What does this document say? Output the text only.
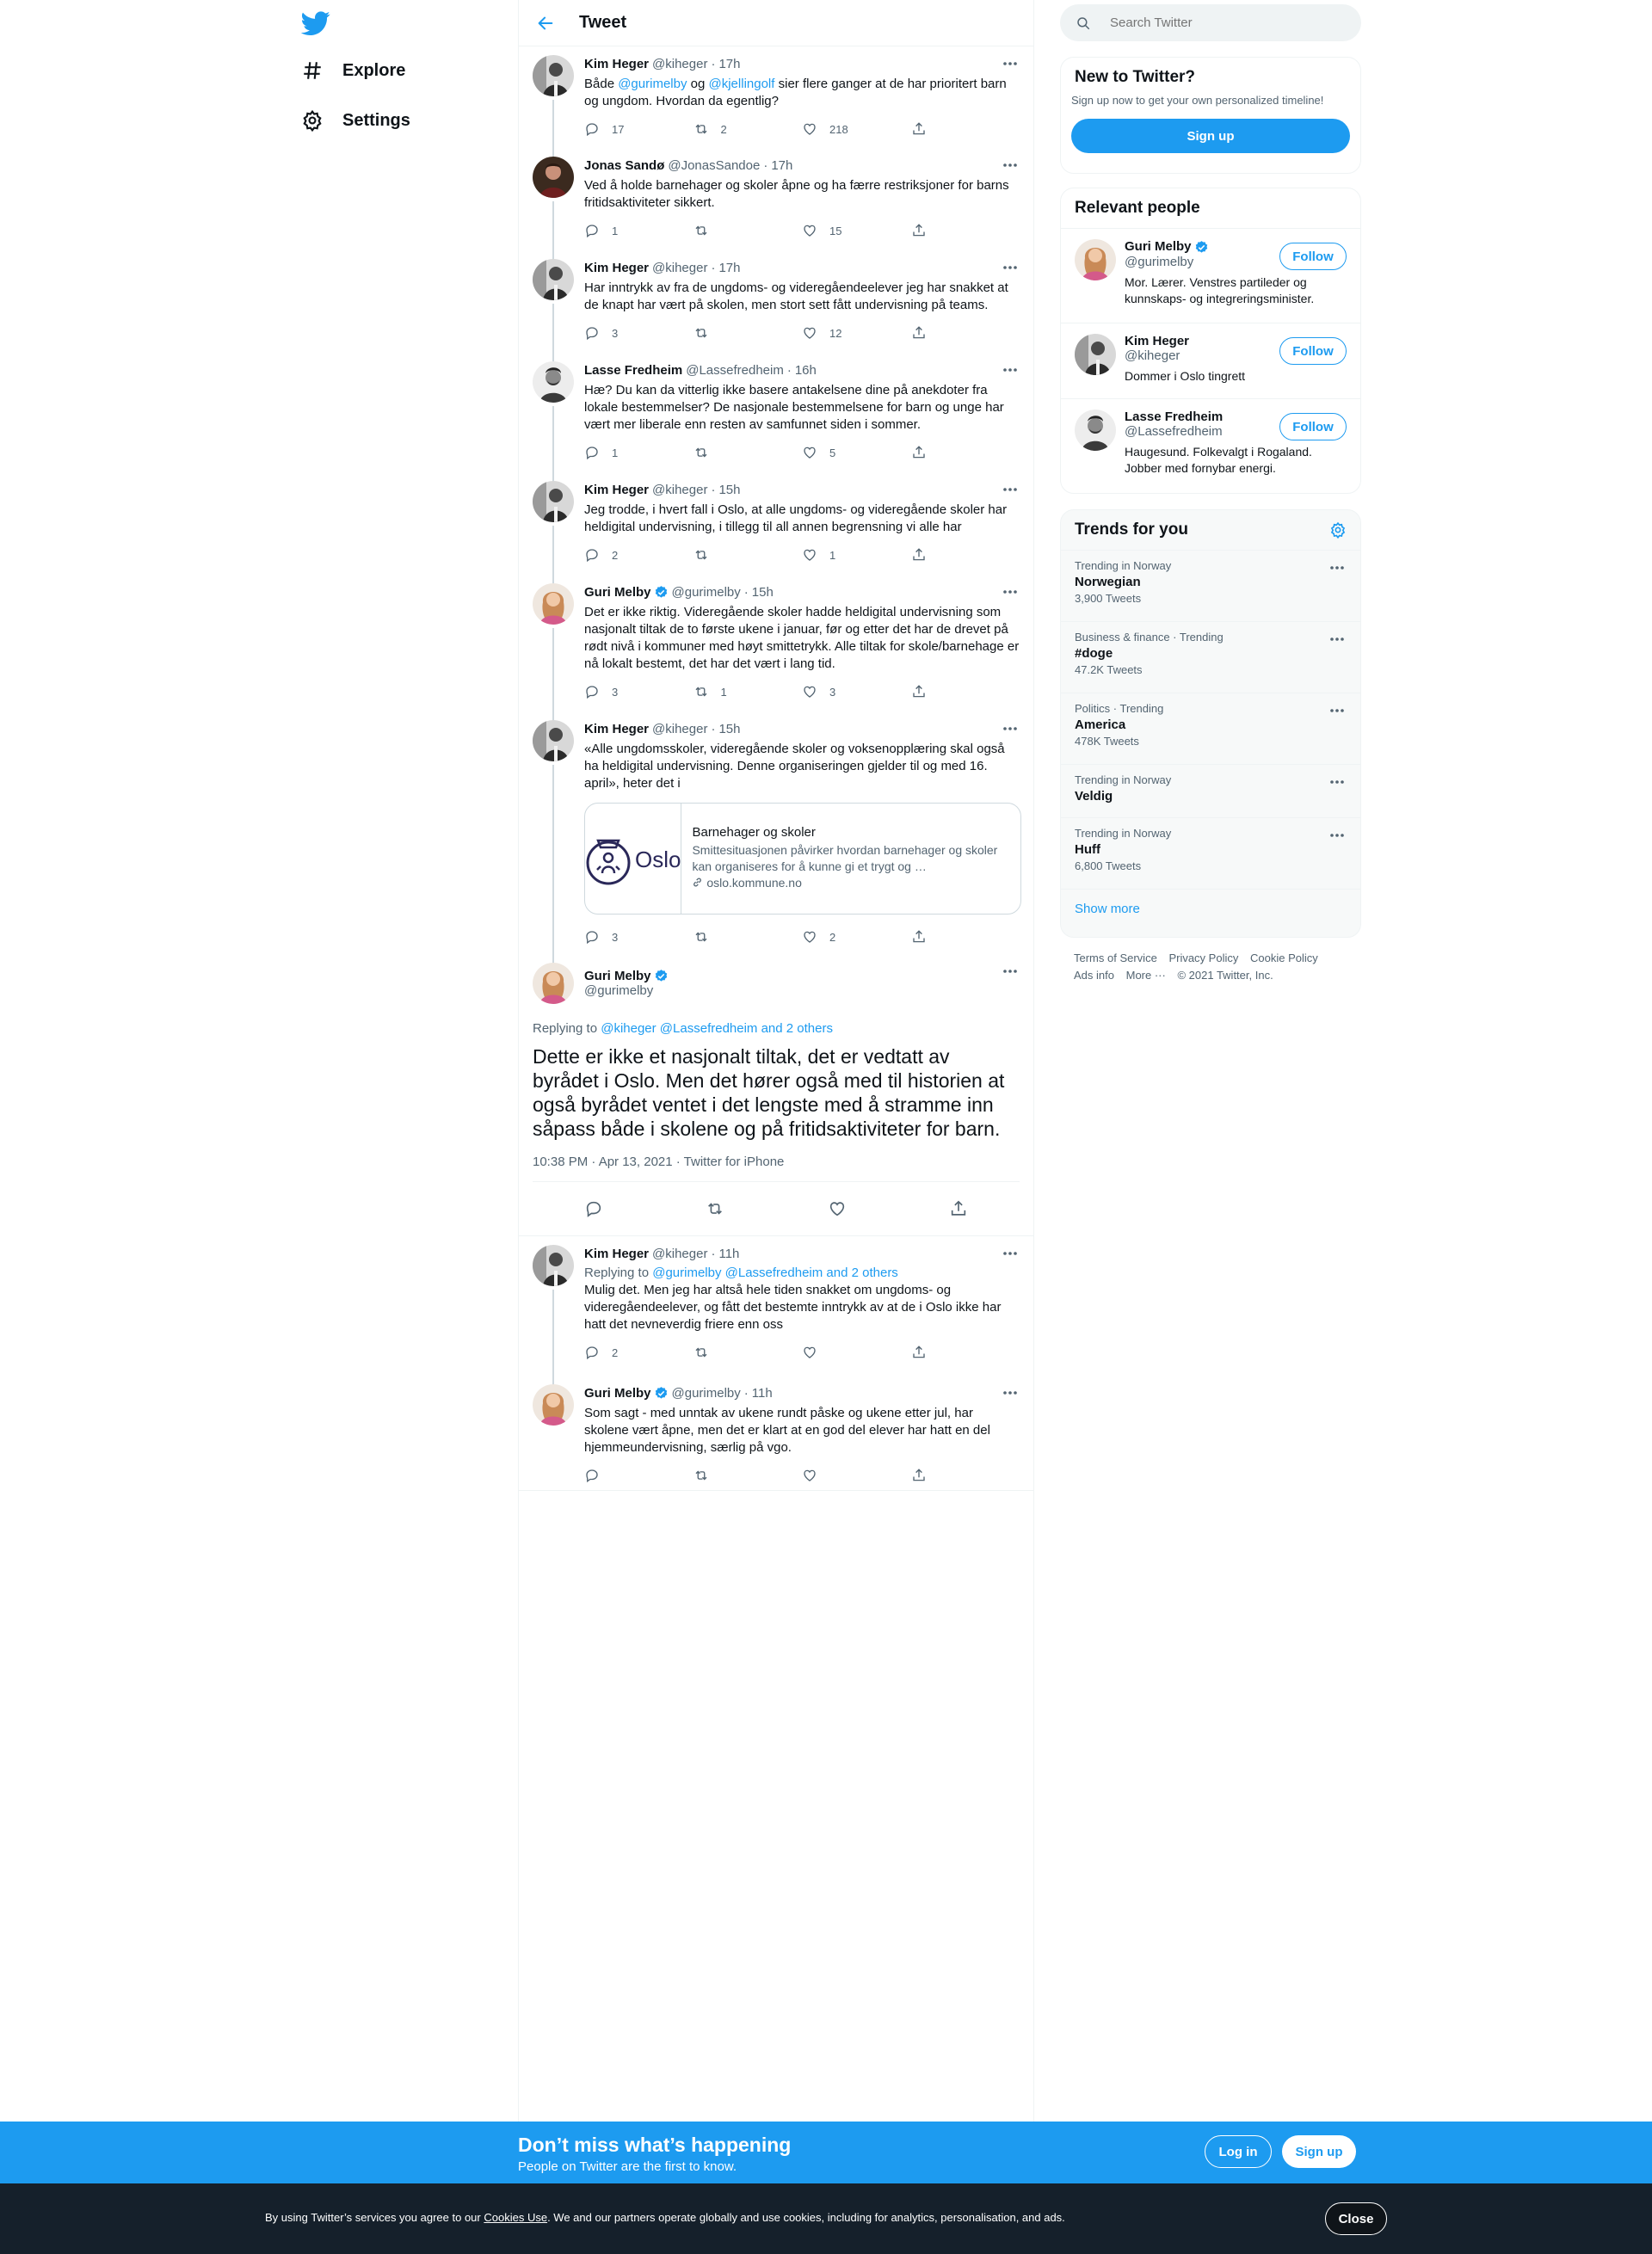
Explore
Settings
Tweet
Kim Heger @kiheger · 17h
Både @gurimelby og @kjellingolf sier flere ganger at de har prioritert barn og ungdom. Hvordan da egentlig?
17	2	218
Jonas Sandø @JonasSandoe · 17h
Ved å holde barnehager og skoler åpne og ha færre restriksjoner for barns fritidsaktiviteter sikkert.
1	15
Kim Heger @kiheger · 17h
Har inntrykk av fra de ungdoms- og videregåendeelever jeg har snakket at de knapt har vært på skolen, men stort sett fått undervisning på teams.
3	12
Lasse Fredheim @Lassefredheim · 16h
Hæ? Du kan da vitterlig ikke basere antakelsene dine på anekdoter fra lokale bestemmelser? De nasjonale bestemmelsene for barn og unge har vært mer liberale enn resten av samfunnet siden i sommer.
1	5
Kim Heger @kiheger · 15h
Jeg trodde, i hvert fall i Oslo, at alle ungdoms- og videregående skoler har heldigital undervisning, i tillegg til all annen begrensning vi alle har
2	1
Guri Melby @gurimelby · 15h
Det er ikke riktig. Videregående skoler hadde heldigital undervisning som nasjonalt tiltak de to første ukene i januar, før og etter det har de drevet på rødt nivå i kommuner med høyt smittetrykk. Alle tiltak for skole/barnehage er nå lokalt bestemt, det har det vært i lang tid.
3	1	3
Kim Heger @kiheger · 15h
«Alle ungdomsskoler, videregående skoler og voksenopplæring skal også ha heldigital undervisning. Denne organiseringen gjelder til og med 16. april», heter det i
Oslo
Barnehager og skoler
Smittesituasjonen påvirker hvordan barnehager og skoler kan organiseres for å kunne gi et trygt og …
oslo.kommune.no
3	2
Guri Melby
@gurimelby
Replying to @kiheger @Lassefredheim and 2 others
Dette er ikke et nasjonalt tiltak, det er vedtatt av byrådet i Oslo. Men det hører også med til historien at også byrådet ventet i det lengste med å stramme inn såpass både i skolene og på fritidsaktiviteter for barn.
10:38 PM · Apr 13, 2021 · Twitter for iPhone
Kim Heger @kiheger · 11h
Replying to @gurimelby @Lassefredheim and 2 others
Mulig det. Men jeg har altså hele tiden snakket om ungdoms- og videregåendeelever, og fått det bestemte inntrykk av at de i Oslo ikke har hatt det nevneverdig friere enn oss
2
Guri Melby @gurimelby · 11h
Som sagt - med unntak av ukene rundt påske og ukene etter jul, har skolene vært åpne, men det er klart at en god del elever har hatt en del hjemmeundervisning, særlig på vgo.
Search Twitter
New to Twitter?
Sign up now to get your own personalized timeline!
Sign up
Relevant people
Guri Melby
@gurimelby
Mor. Lærer. Venstres partileder og kunnskaps- og integreringsminister.
Follow
Kim Heger
@kiheger
Dommer i Oslo tingrett
Follow
Lasse Fredheim
@Lassefredheim
Haugesund. Folkevalgt i Rogaland. Jobber med fornybar energi.
Follow
Trends for you
Trending in Norway
Norwegian
3,900 Tweets
Business & finance · Trending
#doge
47.2K Tweets
Politics · Trending
America
478K Tweets
Trending in Norway
Veldig
Trending in Norway
Huff
6,800 Tweets
Show more
Terms of Service Privacy Policy Cookie Policy
Ads info More ··· © 2021 Twitter, Inc.
Don’t miss what’s happening
People on Twitter are the first to know.
Log in	Sign up
By using Twitter’s services you agree to our Cookies Use. We and our partners operate globally and use cookies, including for analytics, personalisation, and ads.	Close
